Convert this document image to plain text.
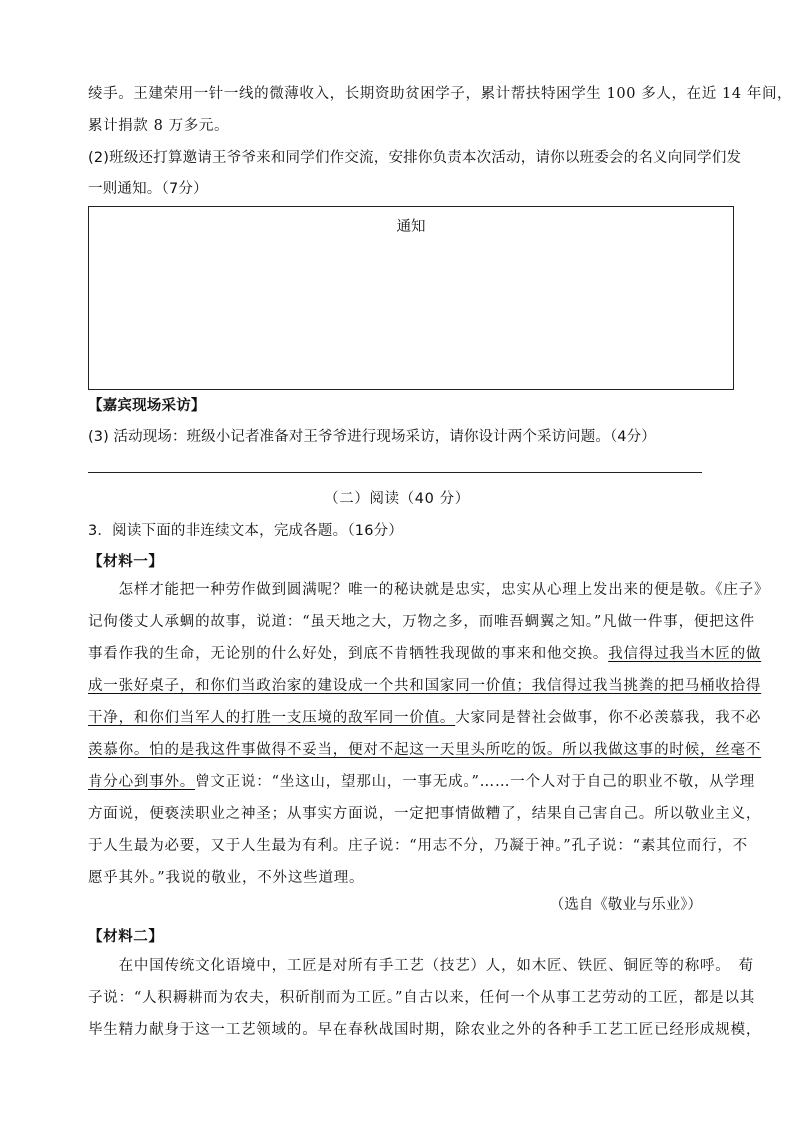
绫手。王建荣用一针一线的微薄收入，长期资助贫困学子，累计帮扶特困学生 100 多人，在近 14 年间，
累计捐款 8 万多元。
(2)班级还打算邀请王爷爷来和同学们作交流，安排你负责本次活动，请你以班委会的名义向同学们发
一则通知。（7分）
通知
【嘉宾现场采访】
(3) 活动现场：班级小记者准备对王爷爷进行现场采访，请你设计两个采访问题。（4分）
（二）阅读（40 分）
3．阅读下面的非连续文本，完成各题。（16分）
【材料一】
　　怎样才能把一种劳作做到圆满呢？唯一的秘诀就是忠实，忠实从心理上发出来的便是敬。《庄子》
记佝偻丈人承蜩的故事，说道：“虽天地之大，万物之多，而唯吾蜩翼之知。”凡做一件事，便把这件
事看作我的生命，无论别的什么好处，到底不肯牺牲我现做的事来和他交换。我信得过我当木匠的做
成一张好桌子，和你们当政治家的建设成一个共和国家同一价值；我信得过我当挑粪的把马桶收拾得
干净，和你们当军人的打胜一支压境的敌军同一价值。大家同是替社会做事，你不必羡慕我，我不必
羡慕你。怕的是我这件事做得不妥当，便对不起这一天里头所吃的饭。所以我做这事的时候，丝毫不
肯分心到事外。曾文正说：“坐这山，望那山，一事无成。”……一个人对于自己的职业不敬，从学理
方面说，便亵渎职业之神圣；从事实方面说，一定把事情做糟了，结果自己害自己。所以敬业主义，
于人生最为必要，又于人生最为有利。庄子说：“用志不分，乃凝于神。”孔子说：“素其位而行，不
愿乎其外。”我说的敬业，不外这些道理。
（选自《敬业与乐业》）
【材料二】
　　在中国传统文化语境中，工匠是对所有手工艺（技艺）人，如木匠、铁匠、铜匠等的称呼。　荀
子说：“人积耨耕而为农夫，积斫削而为工匠。”自古以来，任何一个从事工艺劳动的工匠，都是以其
毕生精力献身于这一工艺领域的。早在春秋战国时期，除农业之外的各种手工艺工匠已经形成规模，
